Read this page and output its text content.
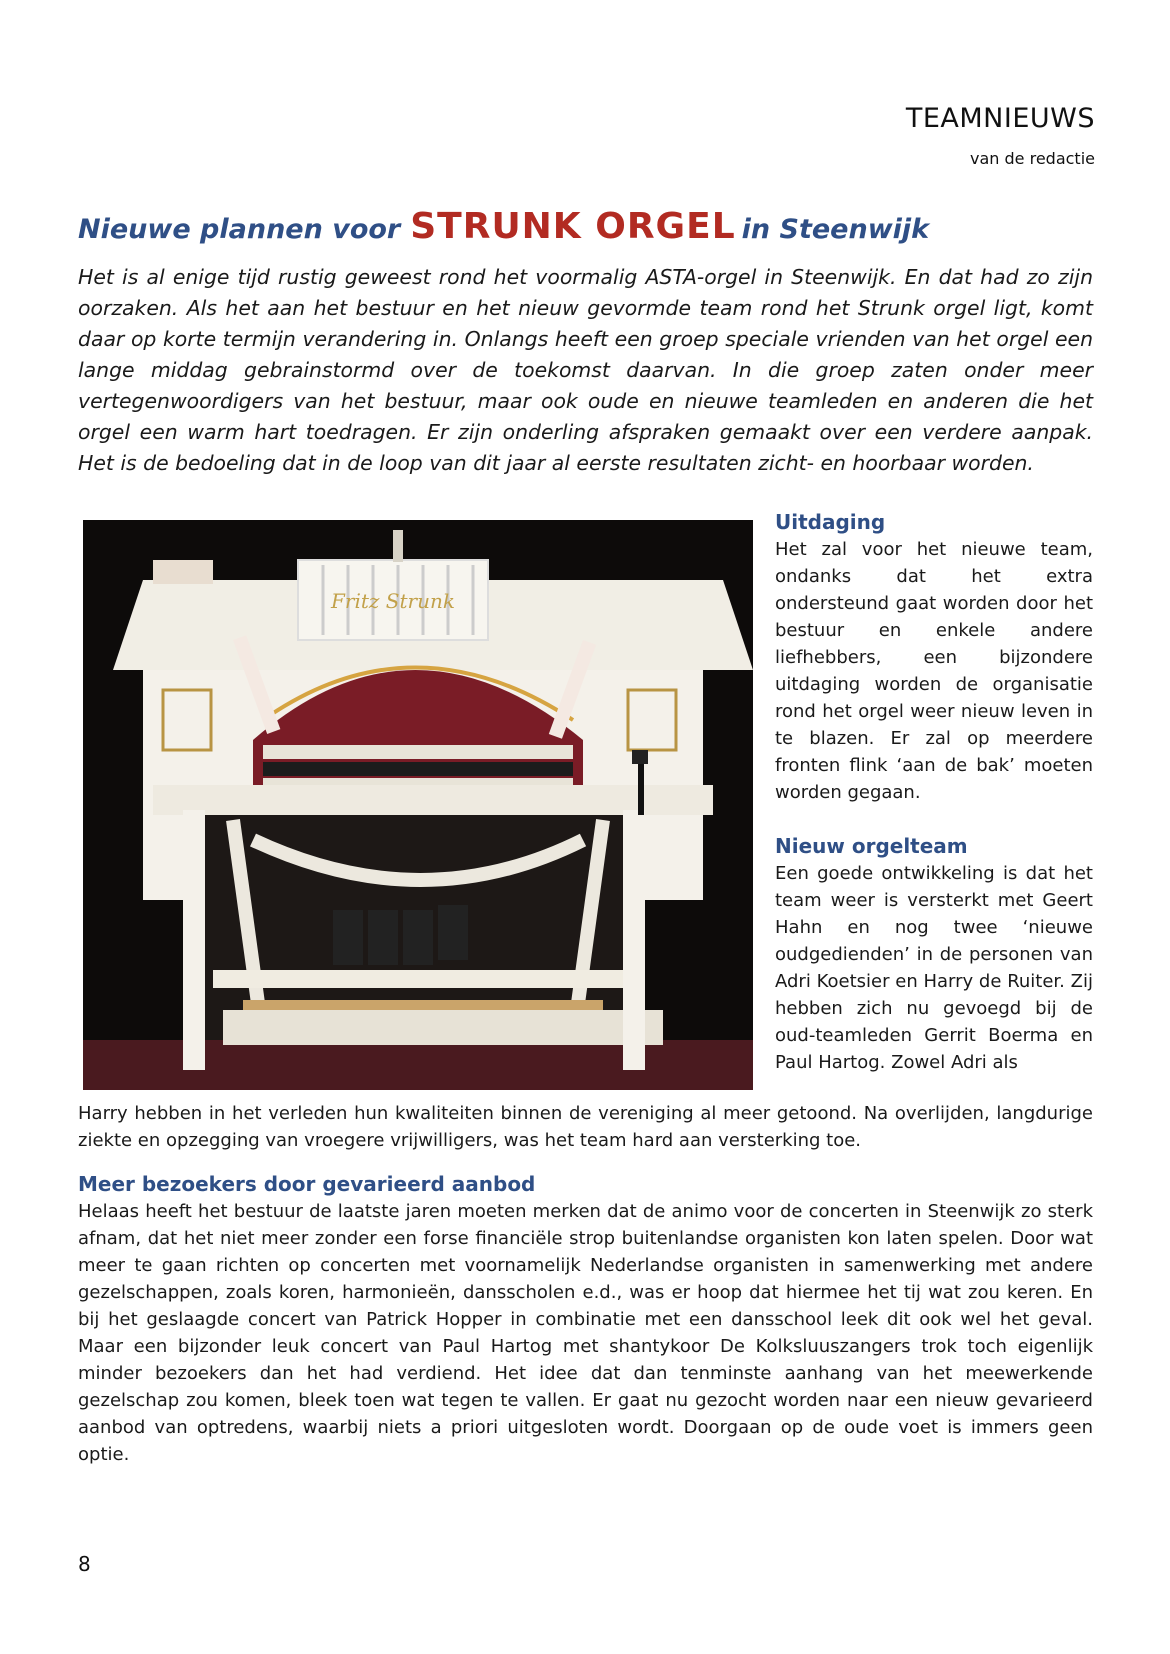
TEAMNIEUWS
van de redactie
Nieuwe plannen voor STRUNK ORGEL in Steenwijk

Het is al enige tijd rustig geweest rond het voormalig ASTA-orgel in Steenwijk. En dat had zo zijn oorzaken. Als het aan het bestuur en het nieuw gevormde team rond het Strunk orgel ligt, komt daar op korte termijn verandering in. Onlangs heeft een groep speciale vrienden van het orgel een lange middag gebrainstormd over de toekomst daarvan. In die groep zaten onder meer vertegenwoordigers van het bestuur, maar ook oude en nieuwe teamleden en anderen die het orgel een warm hart toedragen. Er zijn onderling afspraken gemaakt over een verdere aanpak. Het is de bedoeling dat in de loop van dit jaar al eerste resultaten zicht- en hoorbaar worden.

Fritz Strunk
Uitdaging

Het zal voor het nieuwe team, ondanks dat het extra ondersteund gaat worden door het bestuur en enkele andere liefhebbers, een bijzondere uitdaging worden de organisatie rond het orgel weer nieuw leven in te blazen. Er zal op meerdere fronten flink ‘aan de bak’ moeten worden gegaan.

Nieuw orgelteam

Een goede ontwikkeling is dat het team weer is versterkt met Geert Hahn en nog twee ‘nieuwe oudgedienden’ in de personen van Adri Koetsier en Harry de Ruiter. Zij hebben zich nu gevoegd bij de oud-teamleden Gerrit Boerma en Paul Hartog. Zowel Adri als

Harry hebben in het verleden hun kwaliteiten binnen de vereniging al meer getoond. Na overlijden, langdurige ziekte en opzegging van vroegere vrijwilligers, was het team hard aan versterking toe.

Meer bezoekers door gevarieerd aanbod

Helaas heeft het bestuur de laatste jaren moeten merken dat de animo voor de concerten in Steenwijk zo sterk afnam, dat het niet meer zonder een forse financiële strop buitenlandse organisten kon laten spelen. Door wat meer te gaan richten op concerten met voornamelijk Nederlandse organisten in samenwerking met andere gezelschappen, zoals koren, harmonieën, dansscholen e.d., was er hoop dat hiermee het tij wat zou keren. En bij het geslaagde concert van Patrick Hopper in combinatie met een dansschool leek dit ook wel het geval. Maar een bijzonder leuk concert van Paul Hartog met shantykoor De Kolksluuszangers trok toch eigenlijk minder bezoekers dan het had verdiend. Het idee dat dan tenminste aanhang van het meewerkende gezelschap zou komen, bleek toen wat tegen te vallen. Er gaat nu gezocht worden naar een nieuw gevarieerd aanbod van optredens, waarbij niets a priori uitgesloten wordt. Doorgaan op de oude voet is immers geen optie.

8
